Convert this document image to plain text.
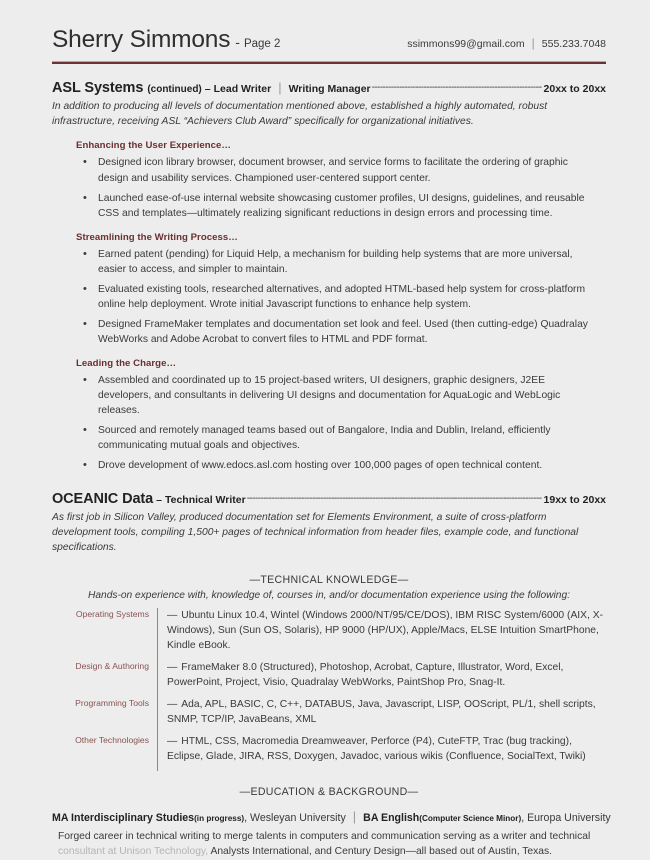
Sherry Simmons - Page 2	ssimmons99@gmail.com | 555.233.7048
ASL Systems (continued) – Lead Writer | Writing Manager -----	20xx to 20xx
In addition to producing all levels of documentation mentioned above, established a highly automated, robust infrastructure, receiving ASL “Achievers Club Award” specifically for organizational initiatives.
Enhancing the User Experience…
• Designed icon library browser, document browser, and service forms to facilitate the ordering of graphic design and usability services. Championed user-centered support center.
• Launched ease-of-use internal website showcasing customer profiles, UI designs, guidelines, and reusable CSS and templates—ultimately realizing significant reductions in design errors and processing time.
Streamlining the Writing Process…
• Earned patent (pending) for Liquid Help, a mechanism for building help systems that are more universal, easier to access, and simpler to maintain.
• Evaluated existing tools, researched alternatives, and adopted HTML-based help system for cross-platform online help deployment. Wrote initial Javascript functions to enhance help system.
• Designed FrameMaker templates and documentation set look and feel. Used (then cutting-edge) Quadralay WebWorks and Adobe Acrobat to convert files to HTML and PDF format.
Leading the Charge…
• Assembled and coordinated up to 15 project-based writers, UI designers, graphic designers, J2EE developers, and consultants in delivering UI designs and documentation for AquaLogic and WebLogic releases.
• Sourced and remotely managed teams based out of Bangalore, India and Dublin, Ireland, efficiently communicating mutual goals and objectives.
• Drove development of www.edocs.asl.com hosting over 100,000 pages of open technical content.
OCEANIC Data – Technical Writer -----	19xx to 20xx
As first job in Silicon Valley, produced documentation set for Elements Environment, a suite of cross-platform development tools, compiling 1,500+ pages of technical information from header files, example code, and functional specifications.
—TECHNICAL KNOWLEDGE—
Hands-on experience with, knowledge of, courses in, and/or documentation experience using the following:
Operating Systems		— Ubuntu Linux 10.4, Wintel (Windows 2000/NT/95/CE/DOS), IBM RISC System/6000 (AIX, X-Windows), Sun (Sun OS, Solaris), HP 9000 (HP/UX), Apple/Macs, ELSE Intuition SmartPhone, Kindle eBook.
Design & Authoring		— FrameMaker 8.0 (Structured), Photoshop, Acrobat, Capture, Illustrator, Word, Excel, PowerPoint, Project, Visio, Quadralay WebWorks, PaintShop Pro, Snag-It.
Programming Tools		— Ada, APL, BASIC, C, C++, DATABUS, Java, Javascript, LISP, OOScript, PL/1, shell scripts, SNMP, TCP/IP, JavaBeans, XML
Other Technologies		— HTML, CSS, Macromedia Dreamweaver, Perforce (P4), CuteFTP, Trac (bug tracking), Eclipse, Glade, JIRA, RSS, Doxygen, Javadoc, various wikis (Confluence, SocialText, Twiki)
—EDUCATION & BACKGROUND—
MA Interdisciplinary Studies(in progress), Wesleyan University | BA English(Computer Science Minor), Europa University
Forged career in technical writing to merge talents in computers and communication serving as a writer and technical consultant at Unison Technology, Analysts International, and Century Design—all based out of Austin, Texas.
